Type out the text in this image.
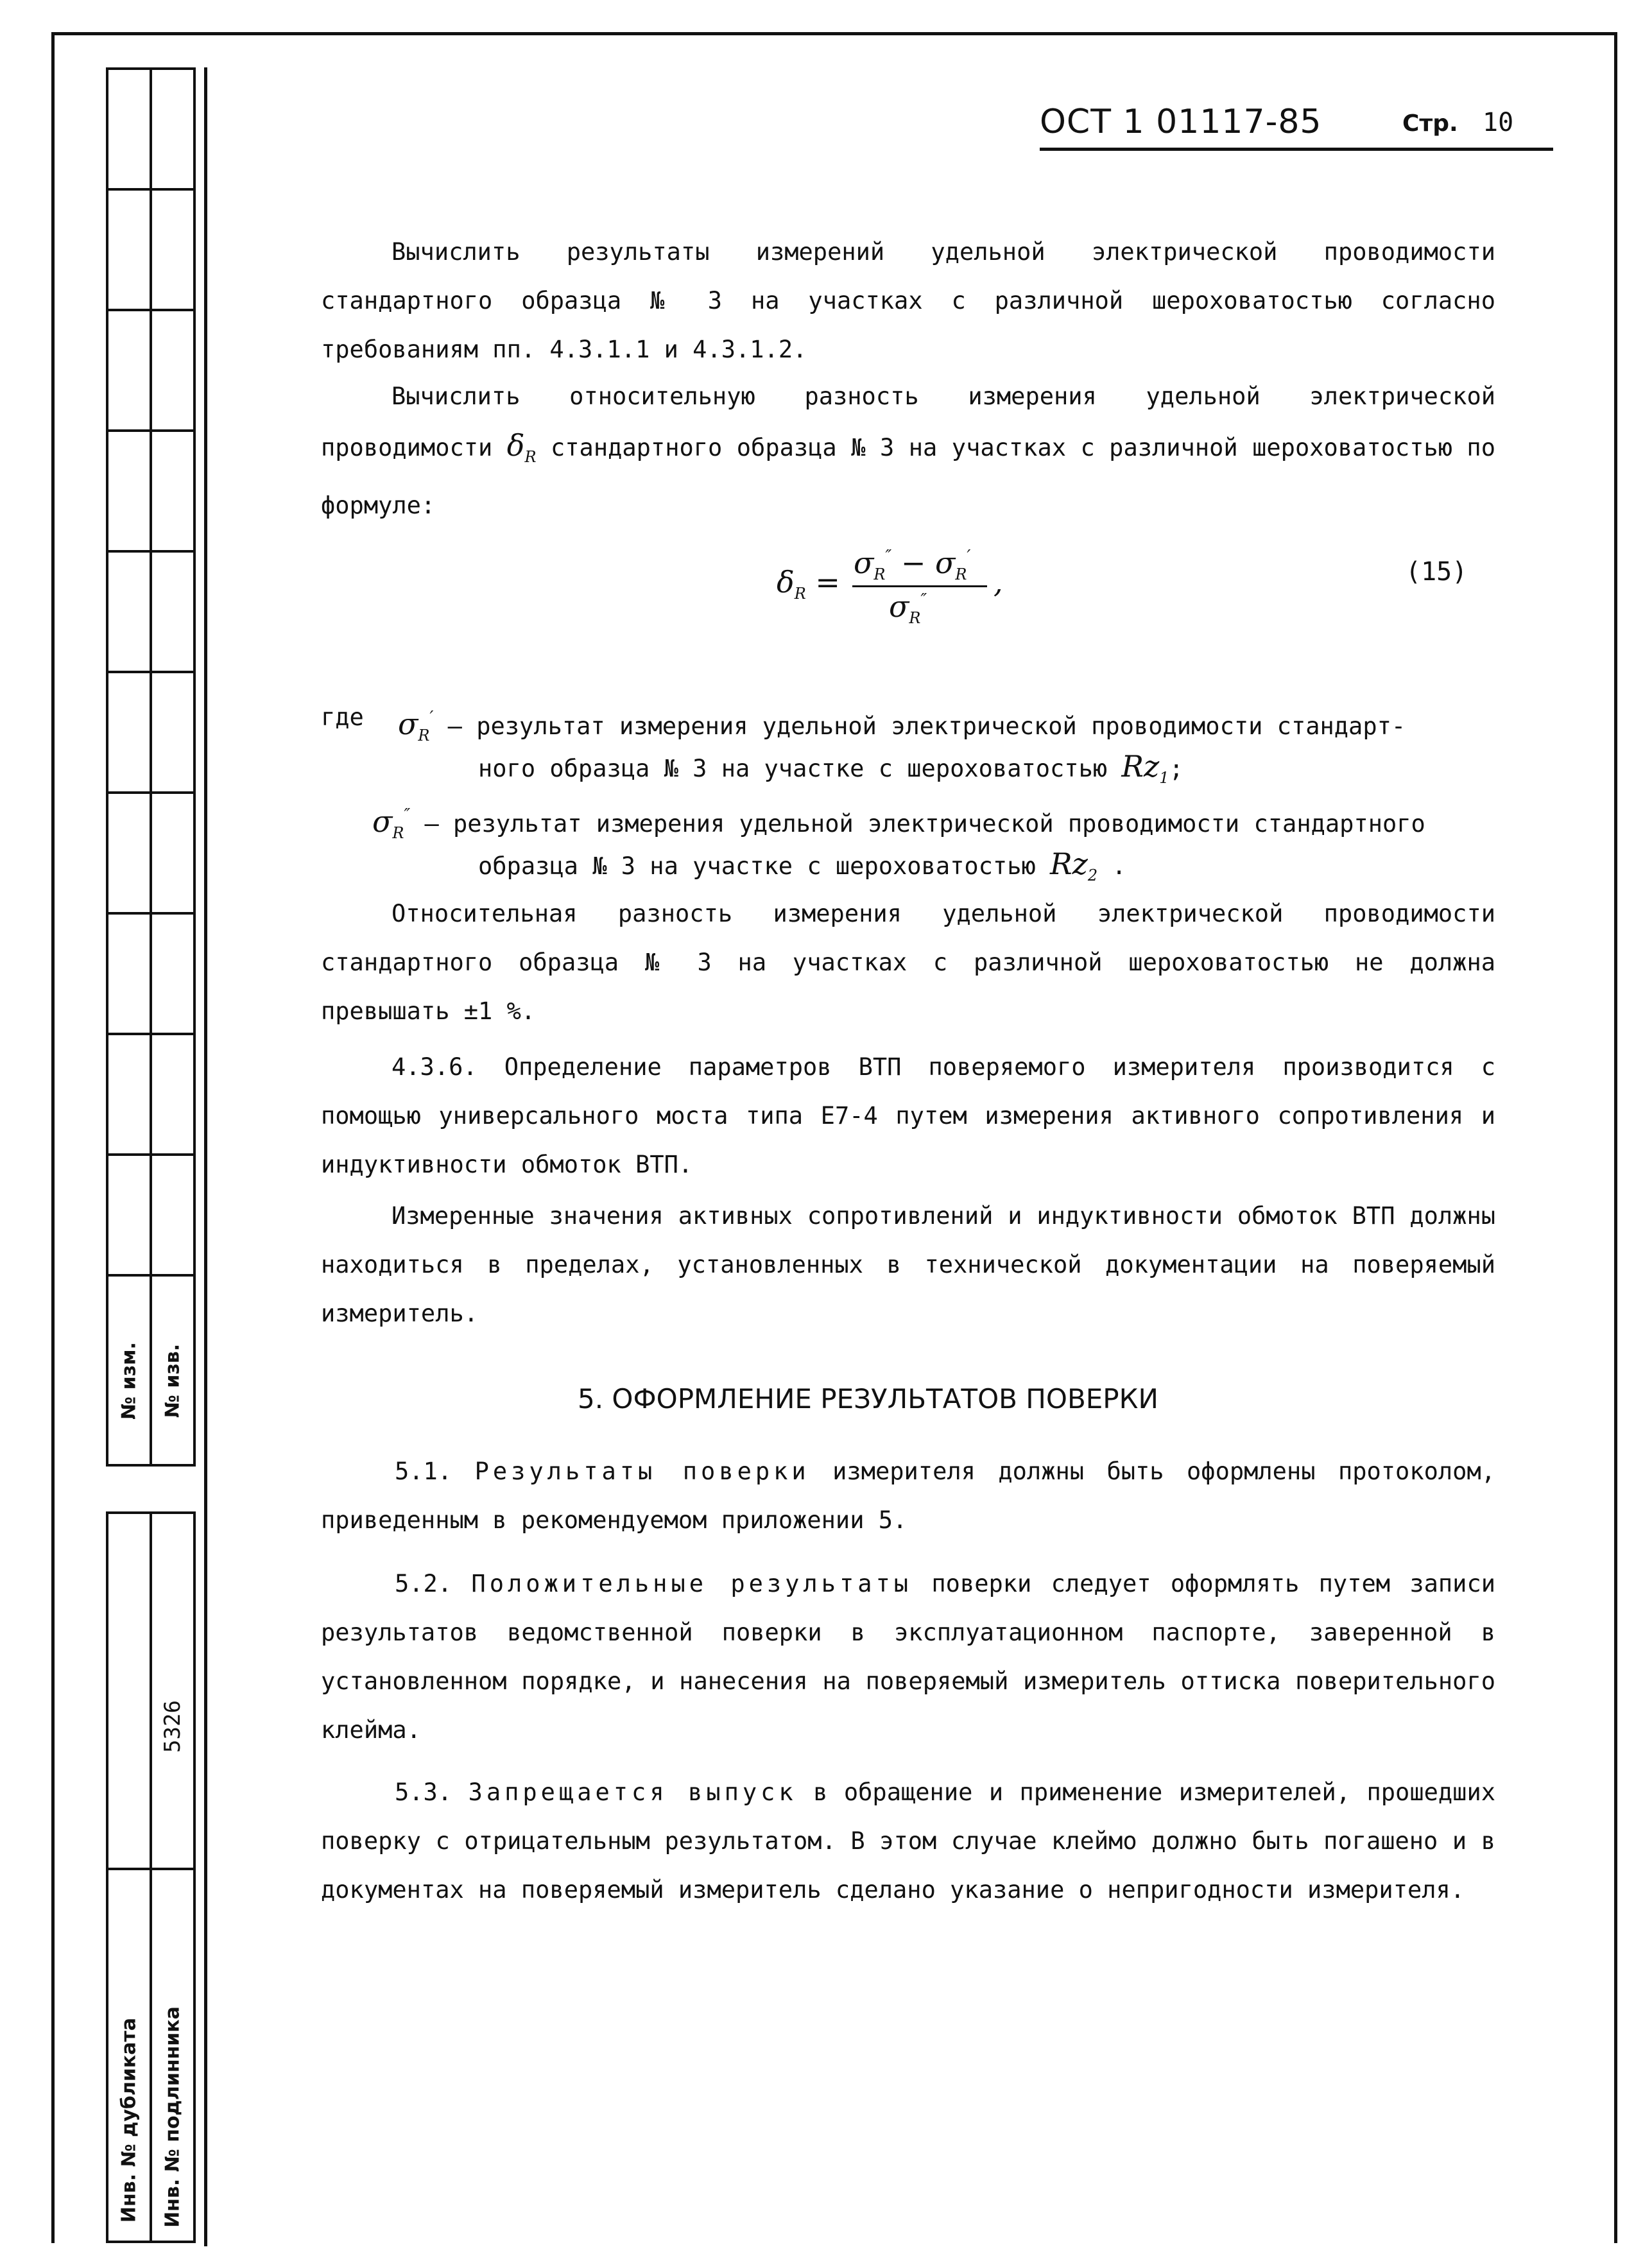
№ изм. № изв.
Инв. № дубликата
5326
Инв. № подлинника
ОСТ 1 01117-85	Стр. 10
Вычислить результаты измерений удельной электрической проводимости стандартного образца № 3 на участках с различной шероховатостью согласно требованиям пп. 4.3.1.1 и 4.3.1.2.
Вычислить относительную разность измерения удельной электрической проводимости $\delta_R$ стандартного образца № 3 на участках с различной шероховатостью по формуле:
$\delta_R$ =
$\sigma_R'' - \sigma_R'$
$\sigma_R''$
,	(15)
где $\sigma_R'$ – результат измерения удельной электрической проводимости стандарт-
ного образца № 3 на участке с шероховатостью $Rz_1$;
$\sigma_R''$ – результат измерения удельной электрической проводимости стандартного
образца № 3 на участке с шероховатостью $Rz_2$ .
Относительная разность измерения удельной электрической проводимости стандартного образца № 3 на участках с различной шероховатостью не должна превышать ±1 %.
4.3.6. Определение параметров ВТП поверяемого измерителя производится с помощью универсального моста типа Е7-4 путем измерения активного сопротивления и индуктивности обмоток ВТП.
Измеренные значения активных сопротивлений и индуктивности обмоток ВТП должны находиться в пределах, установленных в технической документации на поверяемый измеритель.
5. ОФОРМЛЕНИЕ РЕЗУЛЬТАТОВ ПОВЕРКИ
5.1. Результаты поверки измерителя должны быть оформлены протоколом, приведенным в рекомендуемом приложении 5.
5.2. Положительные результаты поверки следует оформлять путем записи результатов ведомственной поверки в эксплуатационном паспорте, заверенной в установленном порядке, и нанесения на поверяемый измеритель оттиска поверительного клейма.
5.3. Запрещается выпуск в обращение и применение измерителей, прошедших поверку с отрицательным результатом. В этом случае клеймо должно быть погашено и в документах на поверяемый измеритель сделано указание о непригодности измерителя.
